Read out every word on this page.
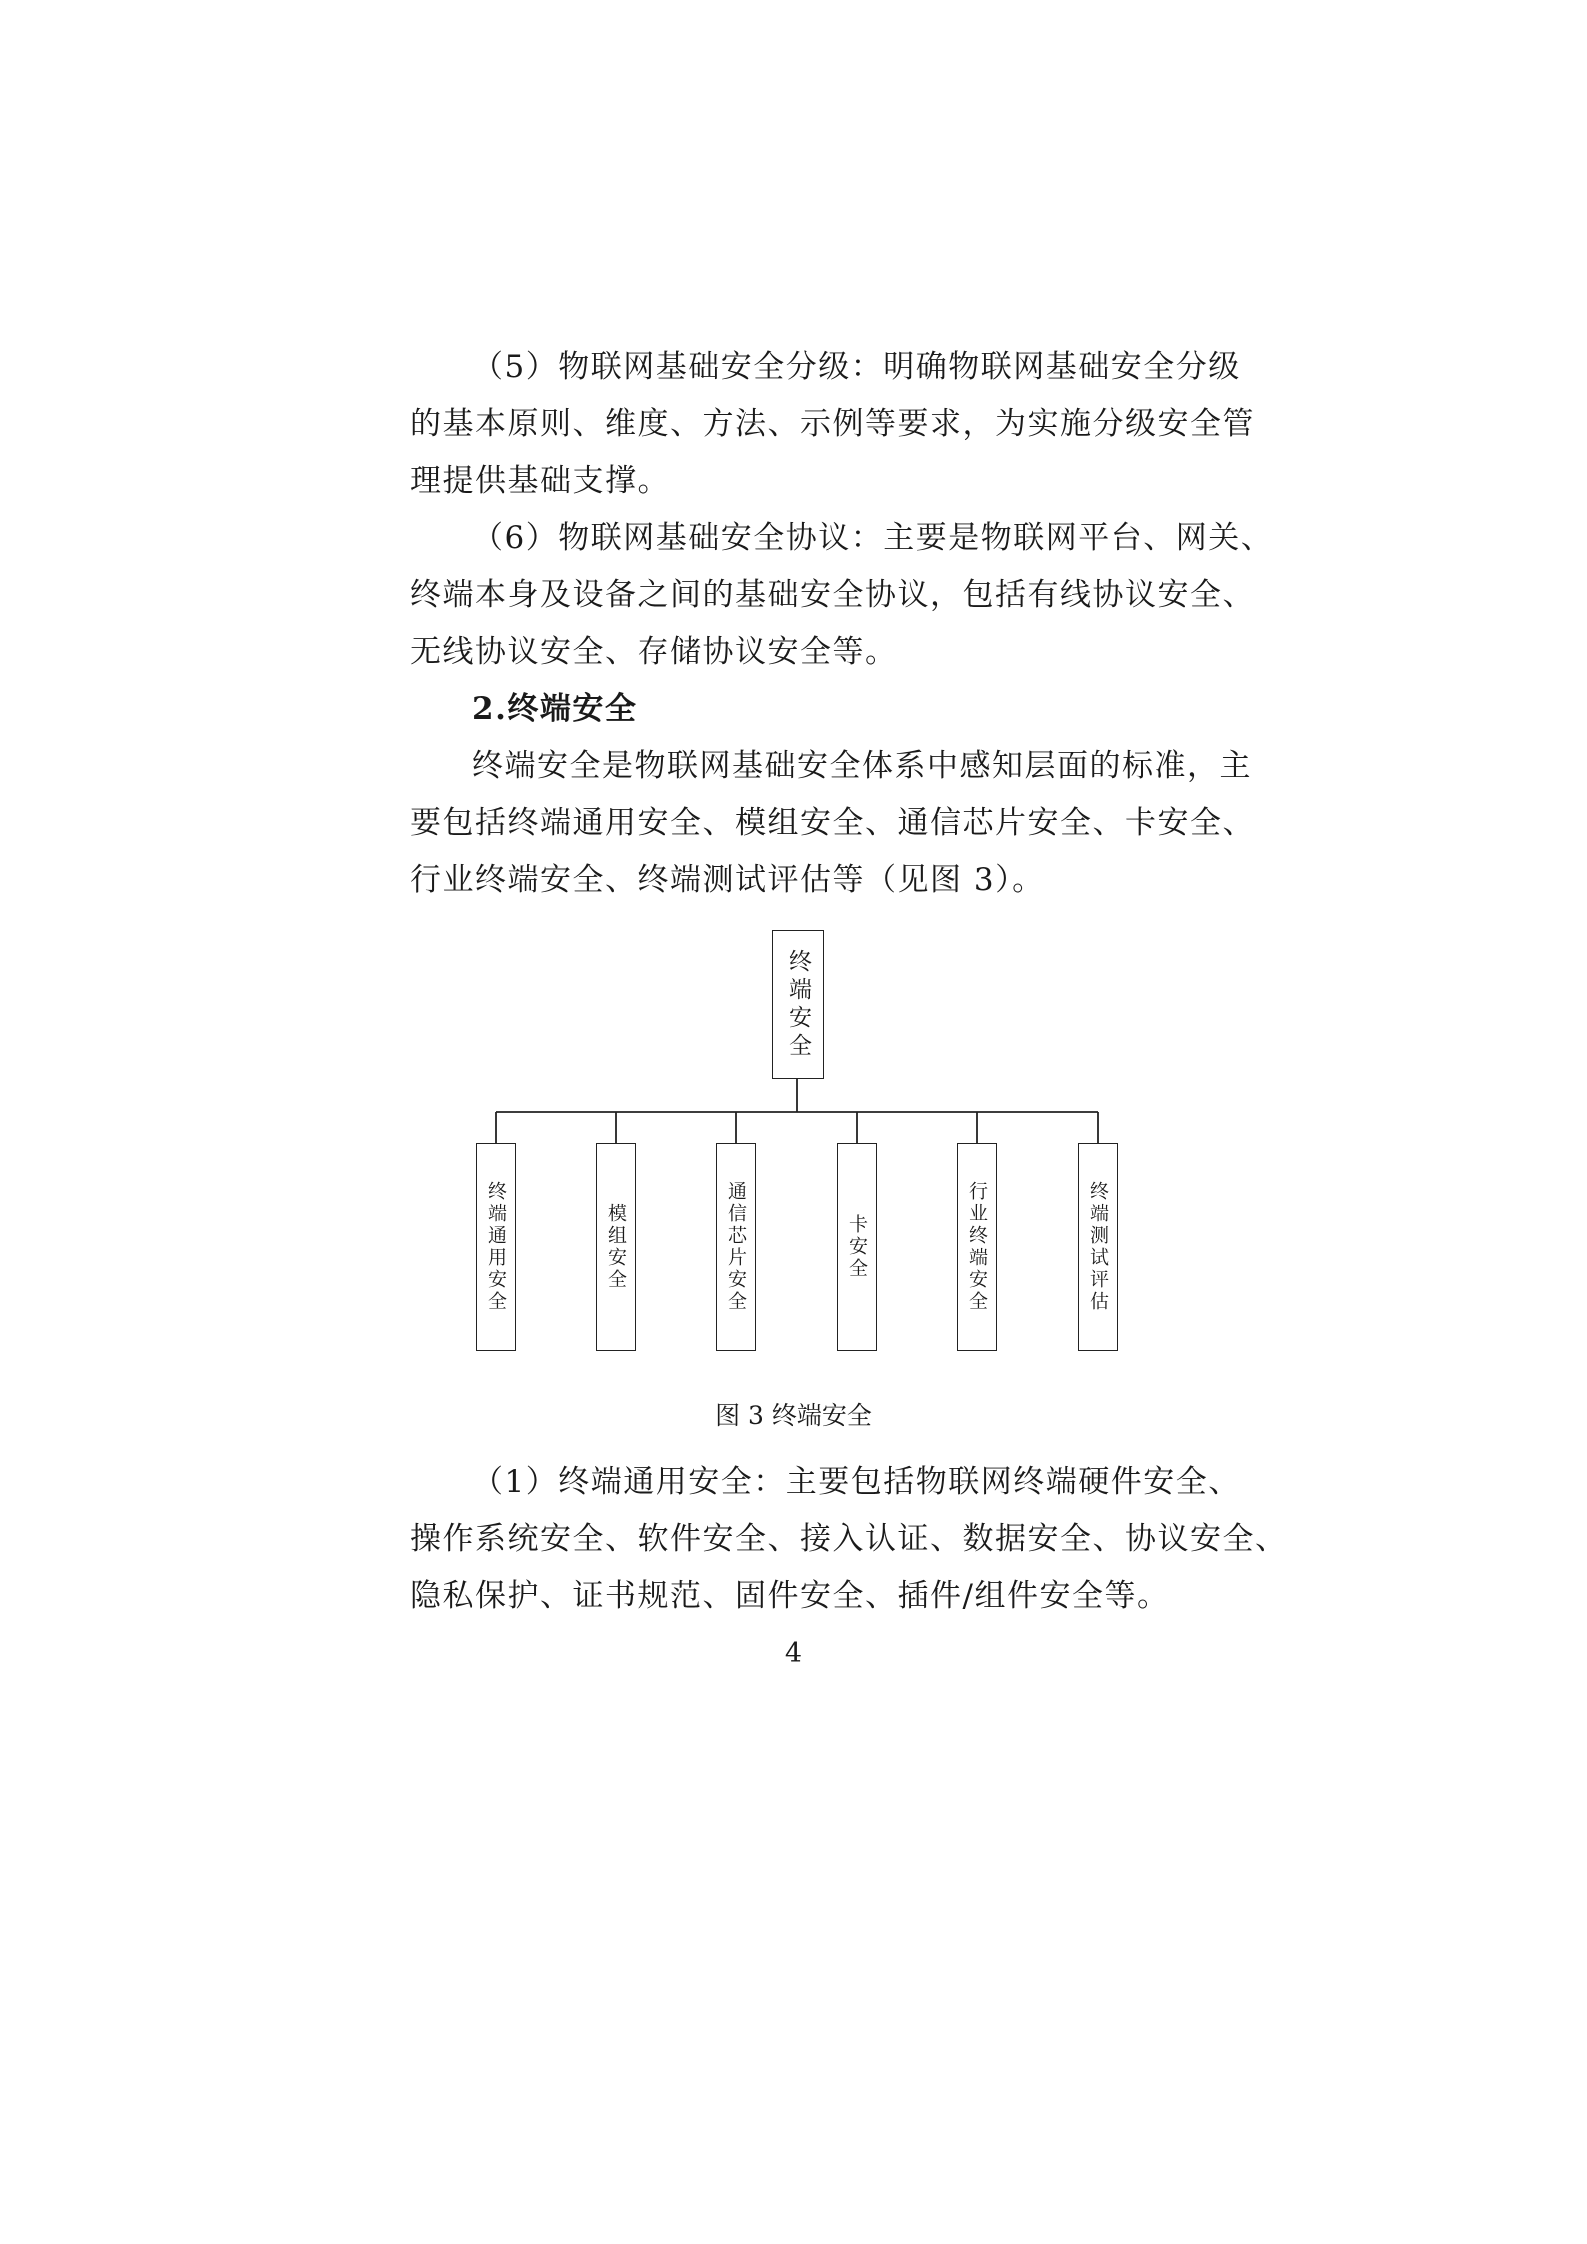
（5）物联网基础安全分级：明确物联网基础安全分级
的基本原则、维度、方法、示例等要求，为实施分级安全管
理提供基础支撑。
（6）物联网基础安全协议：主要是物联网平台、网关、
终端本身及设备之间的基础安全协议，包括有线协议安全、
无线协议安全、存储协议安全等。
2.终端安全
终端安全是物联网基础安全体系中感知层面的标准，主
要包括终端通用安全、模组安全、通信芯片安全、卡安全、
行业终端安全、终端测试评估等（见图 3）。
终端安全
终端通用安全	模组安全	通信芯片安全	卡安全	行业终端安全	终端测试评估
图 3 终端安全
（1）终端通用安全：主要包括物联网终端硬件安全、
操作系统安全、软件安全、接入认证、数据安全、协议安全、
隐私保护、证书规范、固件安全、插件/组件安全等。
4
